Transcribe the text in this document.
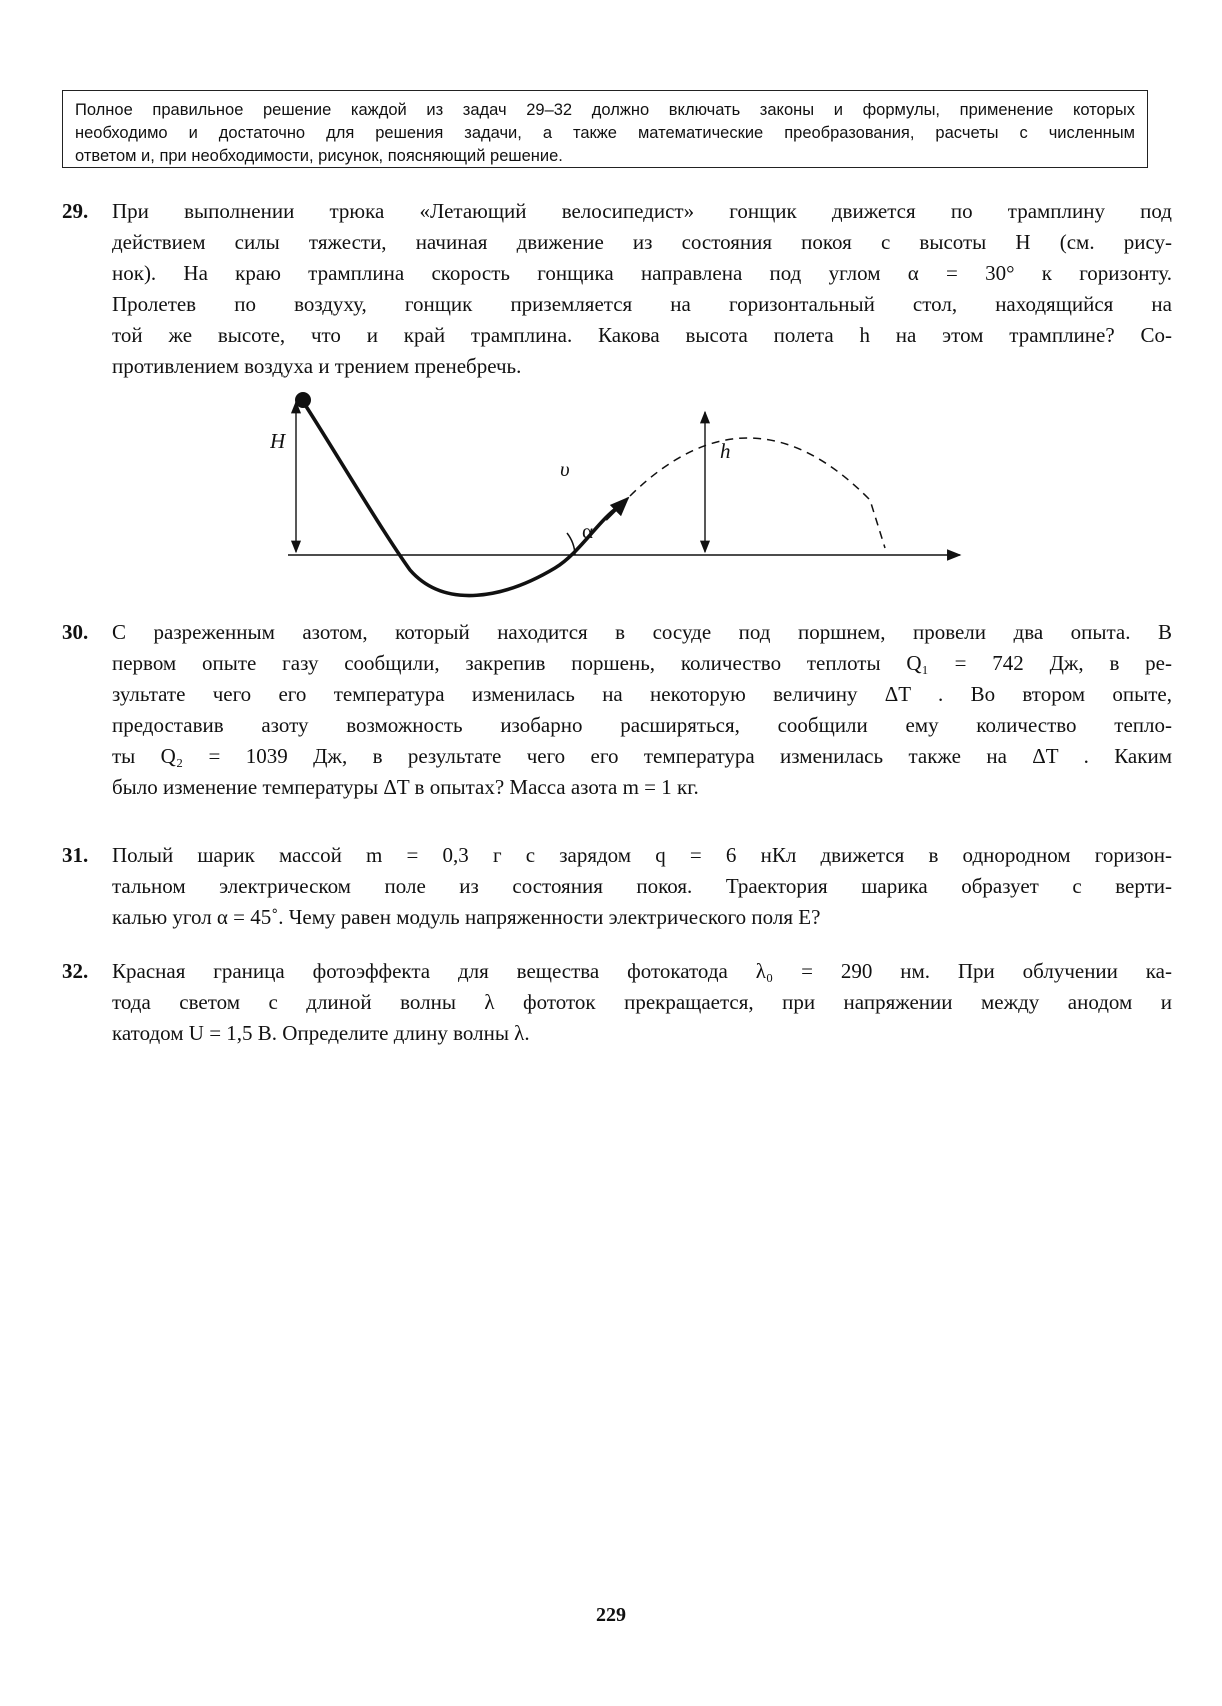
Полное правильное решение каждой из задач 29–32 должно включать законы и формулы, применение которых
необходимо и достаточно для решения задачи, а также математические преобразования, расчеты с численным
ответом и, при необходимости, рисунок, поясняющий решение.
29. При выполнении трюка «Летающий велосипедист» гонщик движется по трамплину под
действием силы тяжести, начиная движение из состояния покоя с высоты H (см. рису-
нок). На краю трамплина скорость гонщика направлена под углом α = 30° к горизонту.
Пролетев по воздуху, гонщик приземляется на горизонтальный стол, находящийся на
той же высоте, что и край трамплина. Какова высота полета h на этом трамплине? Со-
противлением воздуха и трением пренебречь.
H	h
υ
α
30. С разреженным азотом, который находится в сосуде под поршнем, провели два опыта. В
первом опыте газу сообщили, закрепив поршень, количество теплоты Q₁ = 742 Дж, в ре-
зультате чего его температура изменилась на некоторую величину ΔT . Во втором опыте,
предоставив азоту возможность изобарно расширяться, сообщили ему количество тепло-
ты Q₂ = 1039 Дж, в результате чего его температура изменилась также на ΔT . Каким
было изменение температуры ΔT в опытах? Масса азота m = 1 кг.
31. Полый шарик массой m = 0,3 г с зарядом q = 6 нКл движется в однородном горизон-
тальном электрическом поле из состояния покоя. Траектория шарика образует с верти-
калью угол α = 45˚. Чему равен модуль напряженности электрического поля E?
32. Красная граница фотоэффекта для вещества фотокатода λ₀ = 290 нм. При облучении ка-
тода светом с длиной волны λ фототок прекращается, при напряжении между анодом и
катодом U = 1,5 В. Определите длину волны λ.
229
